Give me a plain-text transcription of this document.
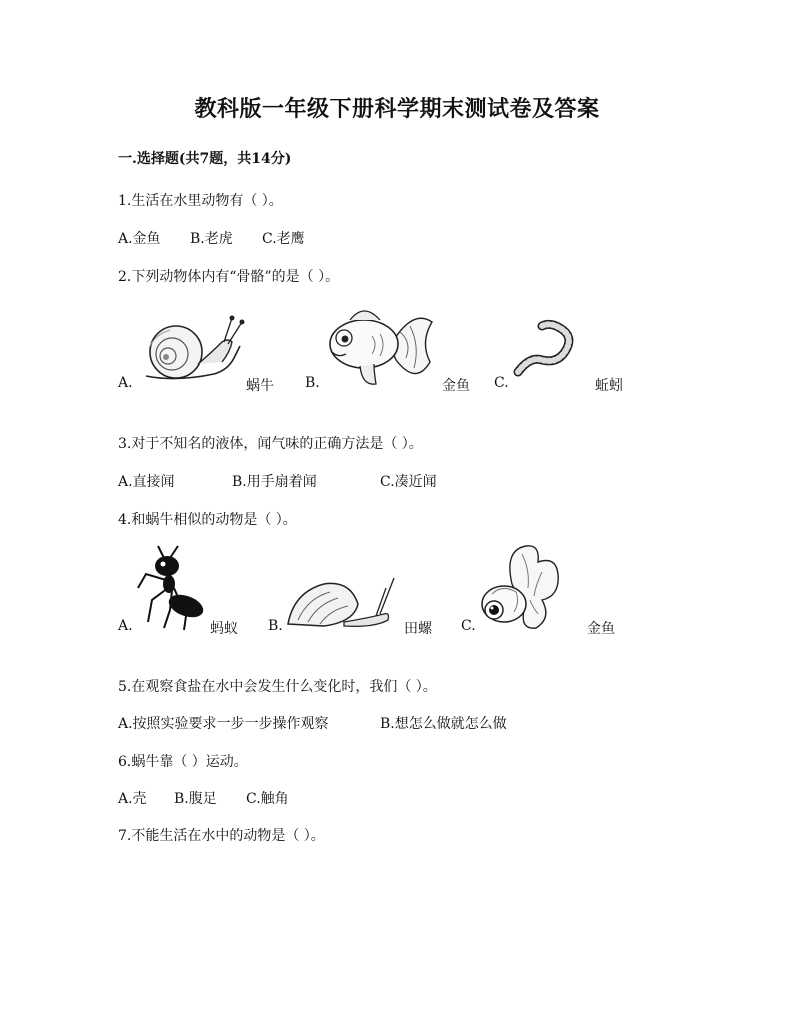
教科版一年级下册科学期末测试卷及答案
一.选择题(共7题，共14分)
1.生活在水里动物有（ ）。
A.金鱼 B.老虎 C.老鹰
2.下列动物体内有“骨骼”的是（ ）。
A.	蜗牛 B.	金鱼 C.	蚯蚓
3.对于不知名的液体，闻气味的正确方法是（ ）。
A.直接闻	B.用手扇着闻	C.凑近闻
4.和蜗牛相似的动物是（ ）。
A.	蚂蚁 B.	田螺 C.	金鱼
5.在观察食盐在水中会发生什么变化时，我们（ ）。
A.按照实验要求一步一步操作观察	B.想怎么做就怎么做
6.蜗牛靠（ ）运动。
A.壳 B.腹足 C.触角
7.不能生活在水中的动物是（ ）。
